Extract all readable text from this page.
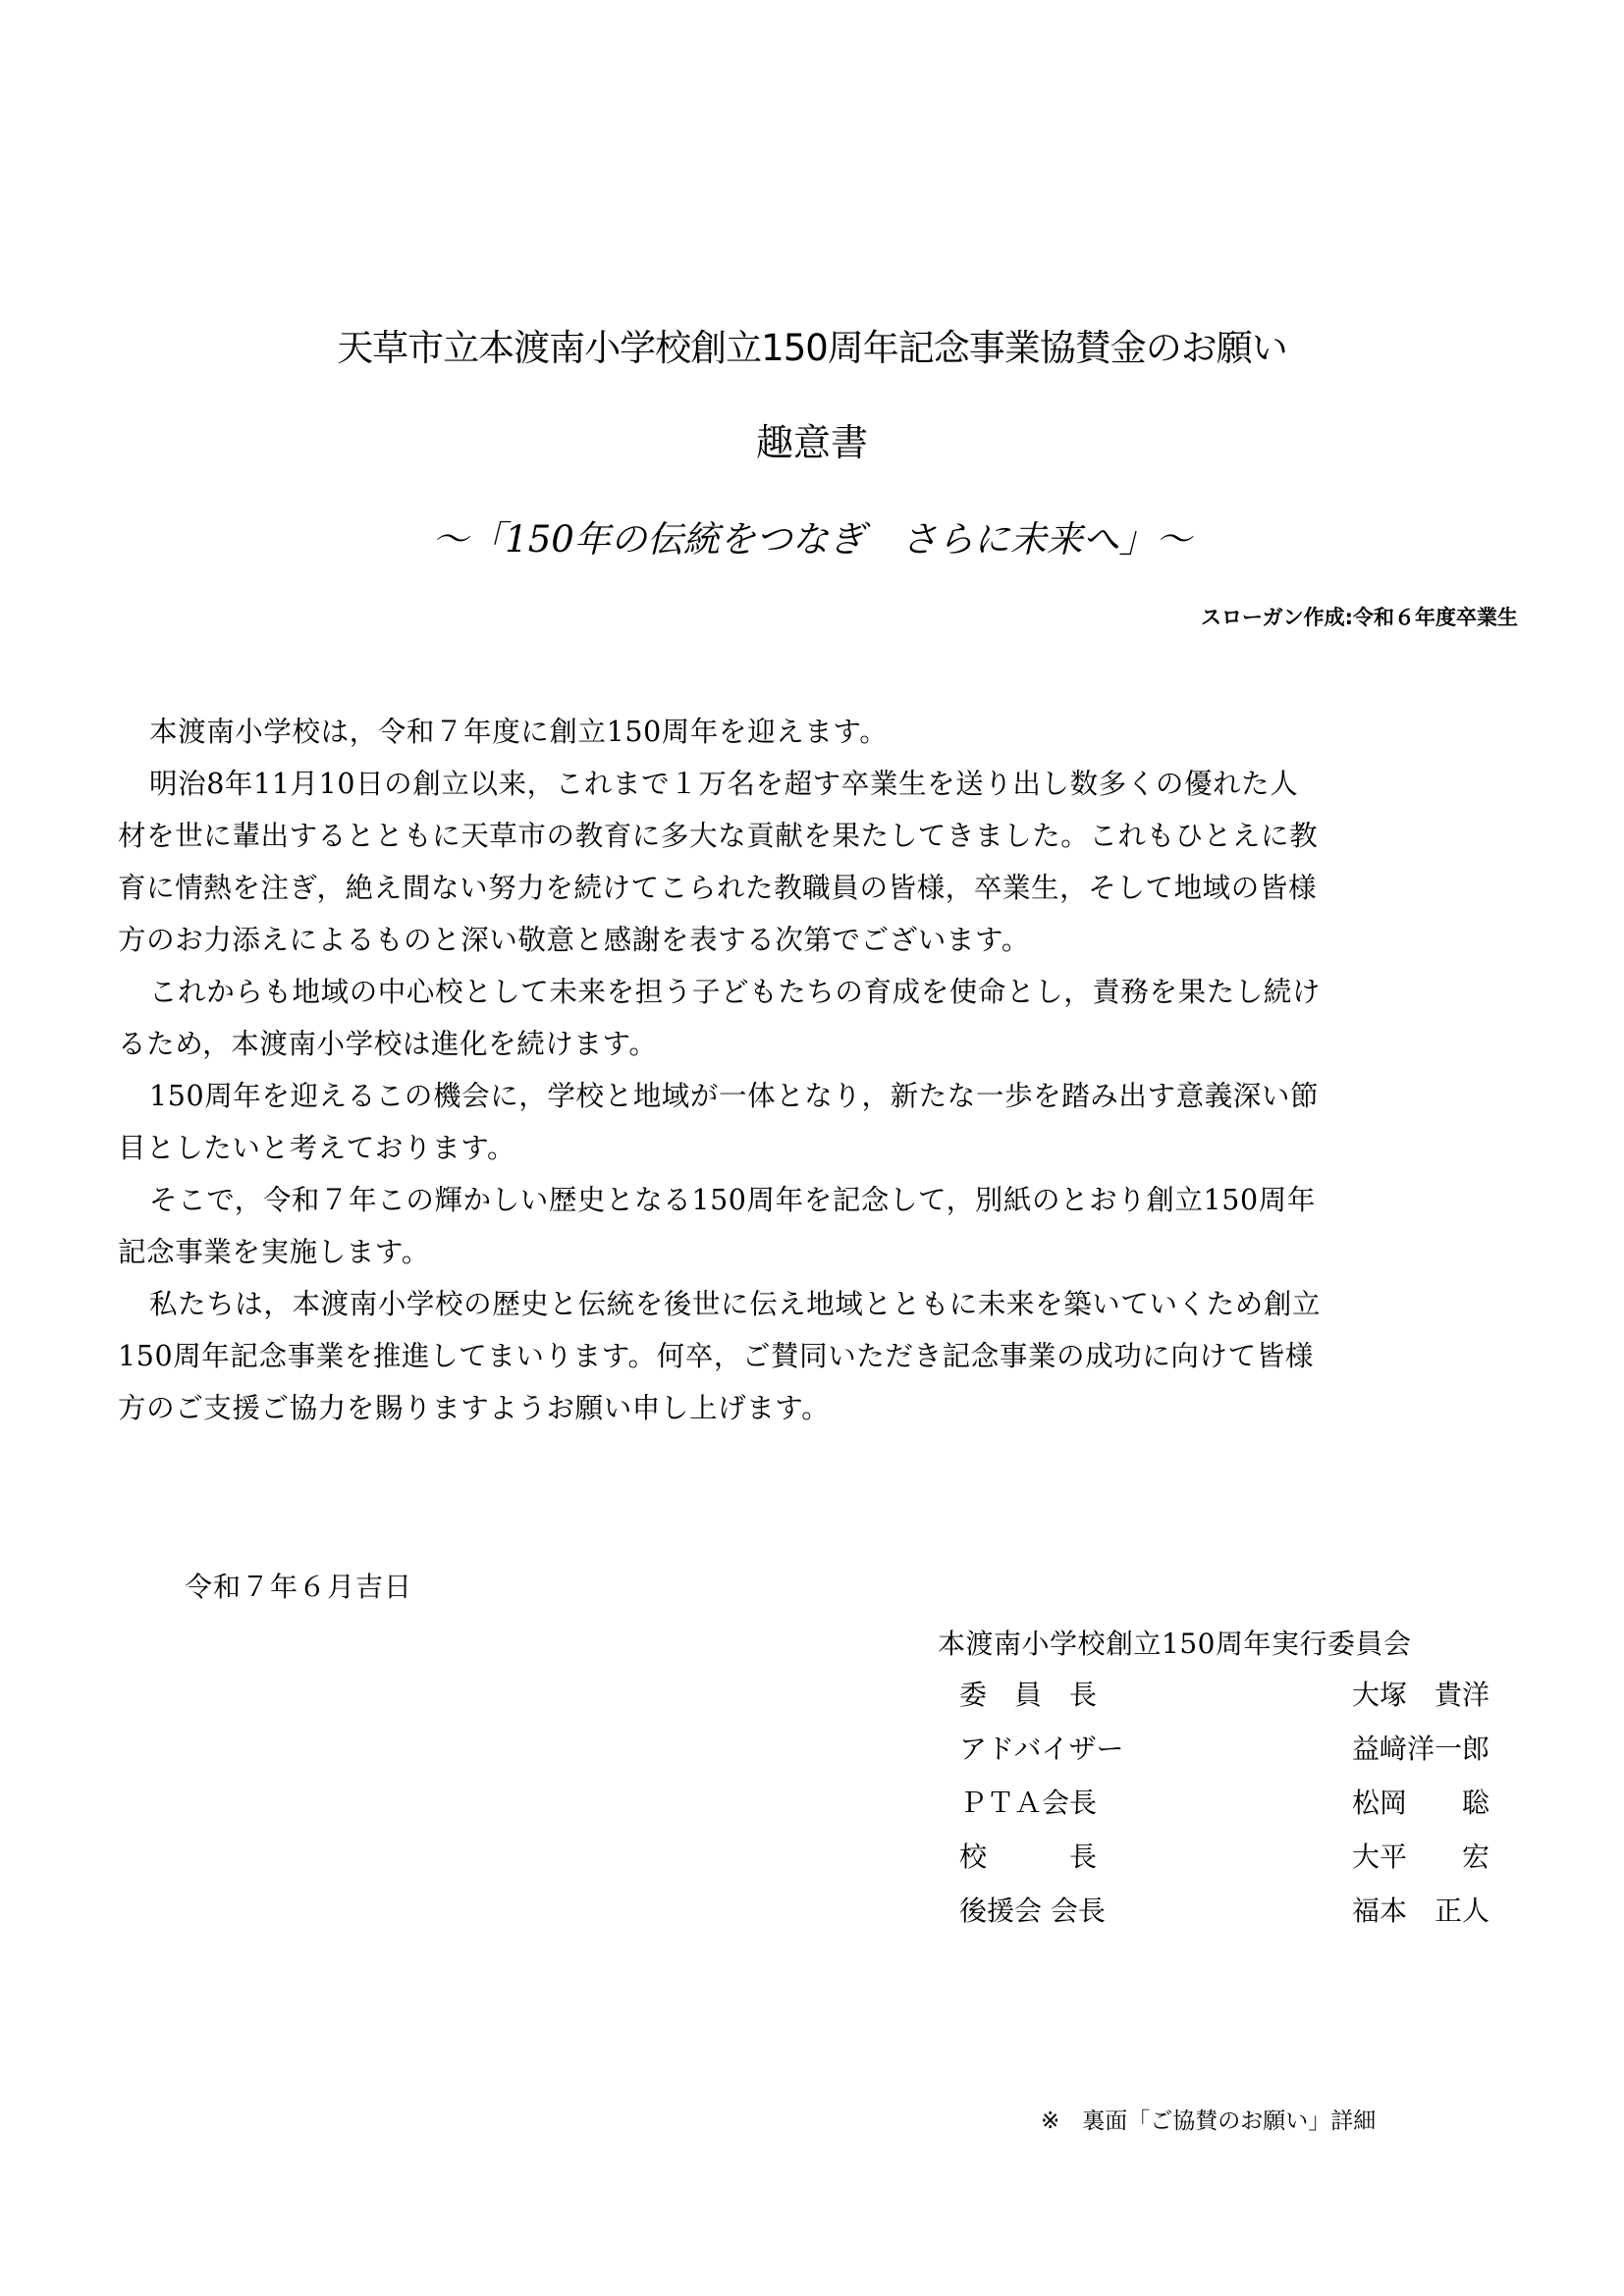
天草市立本渡南小学校創立150周年記念事業協賛金のお願い
趣意書
～「150年の伝統をつなぎ　さらに未来へ」～
スローガン作成:令和６年度卒業生
本渡南小学校は，令和７年度に創立150周年を迎えます。
明治8年11月10日の創立以来，これまで１万名を超す卒業生を送り出し数多くの優れた人
材を世に輩出するとともに天草市の教育に多大な貢献を果たしてきました。これもひとえに教
育に情熱を注ぎ，絶え間ない努力を続けてこられた教職員の皆様，卒業生，そして地域の皆様
方のお力添えによるものと深い敬意と感謝を表する次第でございます。
これからも地域の中心校として未来を担う子どもたちの育成を使命とし，責務を果たし続け
るため，本渡南小学校は進化を続けます。
150周年を迎えるこの機会に，学校と地域が一体となり，新たな一歩を踏み出す意義深い節
目としたいと考えております。
そこで，令和７年この輝かしい歴史となる150周年を記念して，別紙のとおり創立150周年
記念事業を実施します。
私たちは，本渡南小学校の歴史と伝統を後世に伝え地域とともに未来を築いていくため創立
150周年記念事業を推進してまいります。何卒，ご賛同いただき記念事業の成功に向けて皆様
方のご支援ご協力を賜りますようお願い申し上げます。
令和７年６月吉日
本渡南小学校創立150周年実行委員会
委　員　長	大塚　貴洋
アドバイザー	益﨑洋一郎
ＰＴＡ会長	松岡　　聡
校　　　長	大平　　宏
後援会 会長	福本　正人
※　裏面「ご協賛のお願い」詳細
